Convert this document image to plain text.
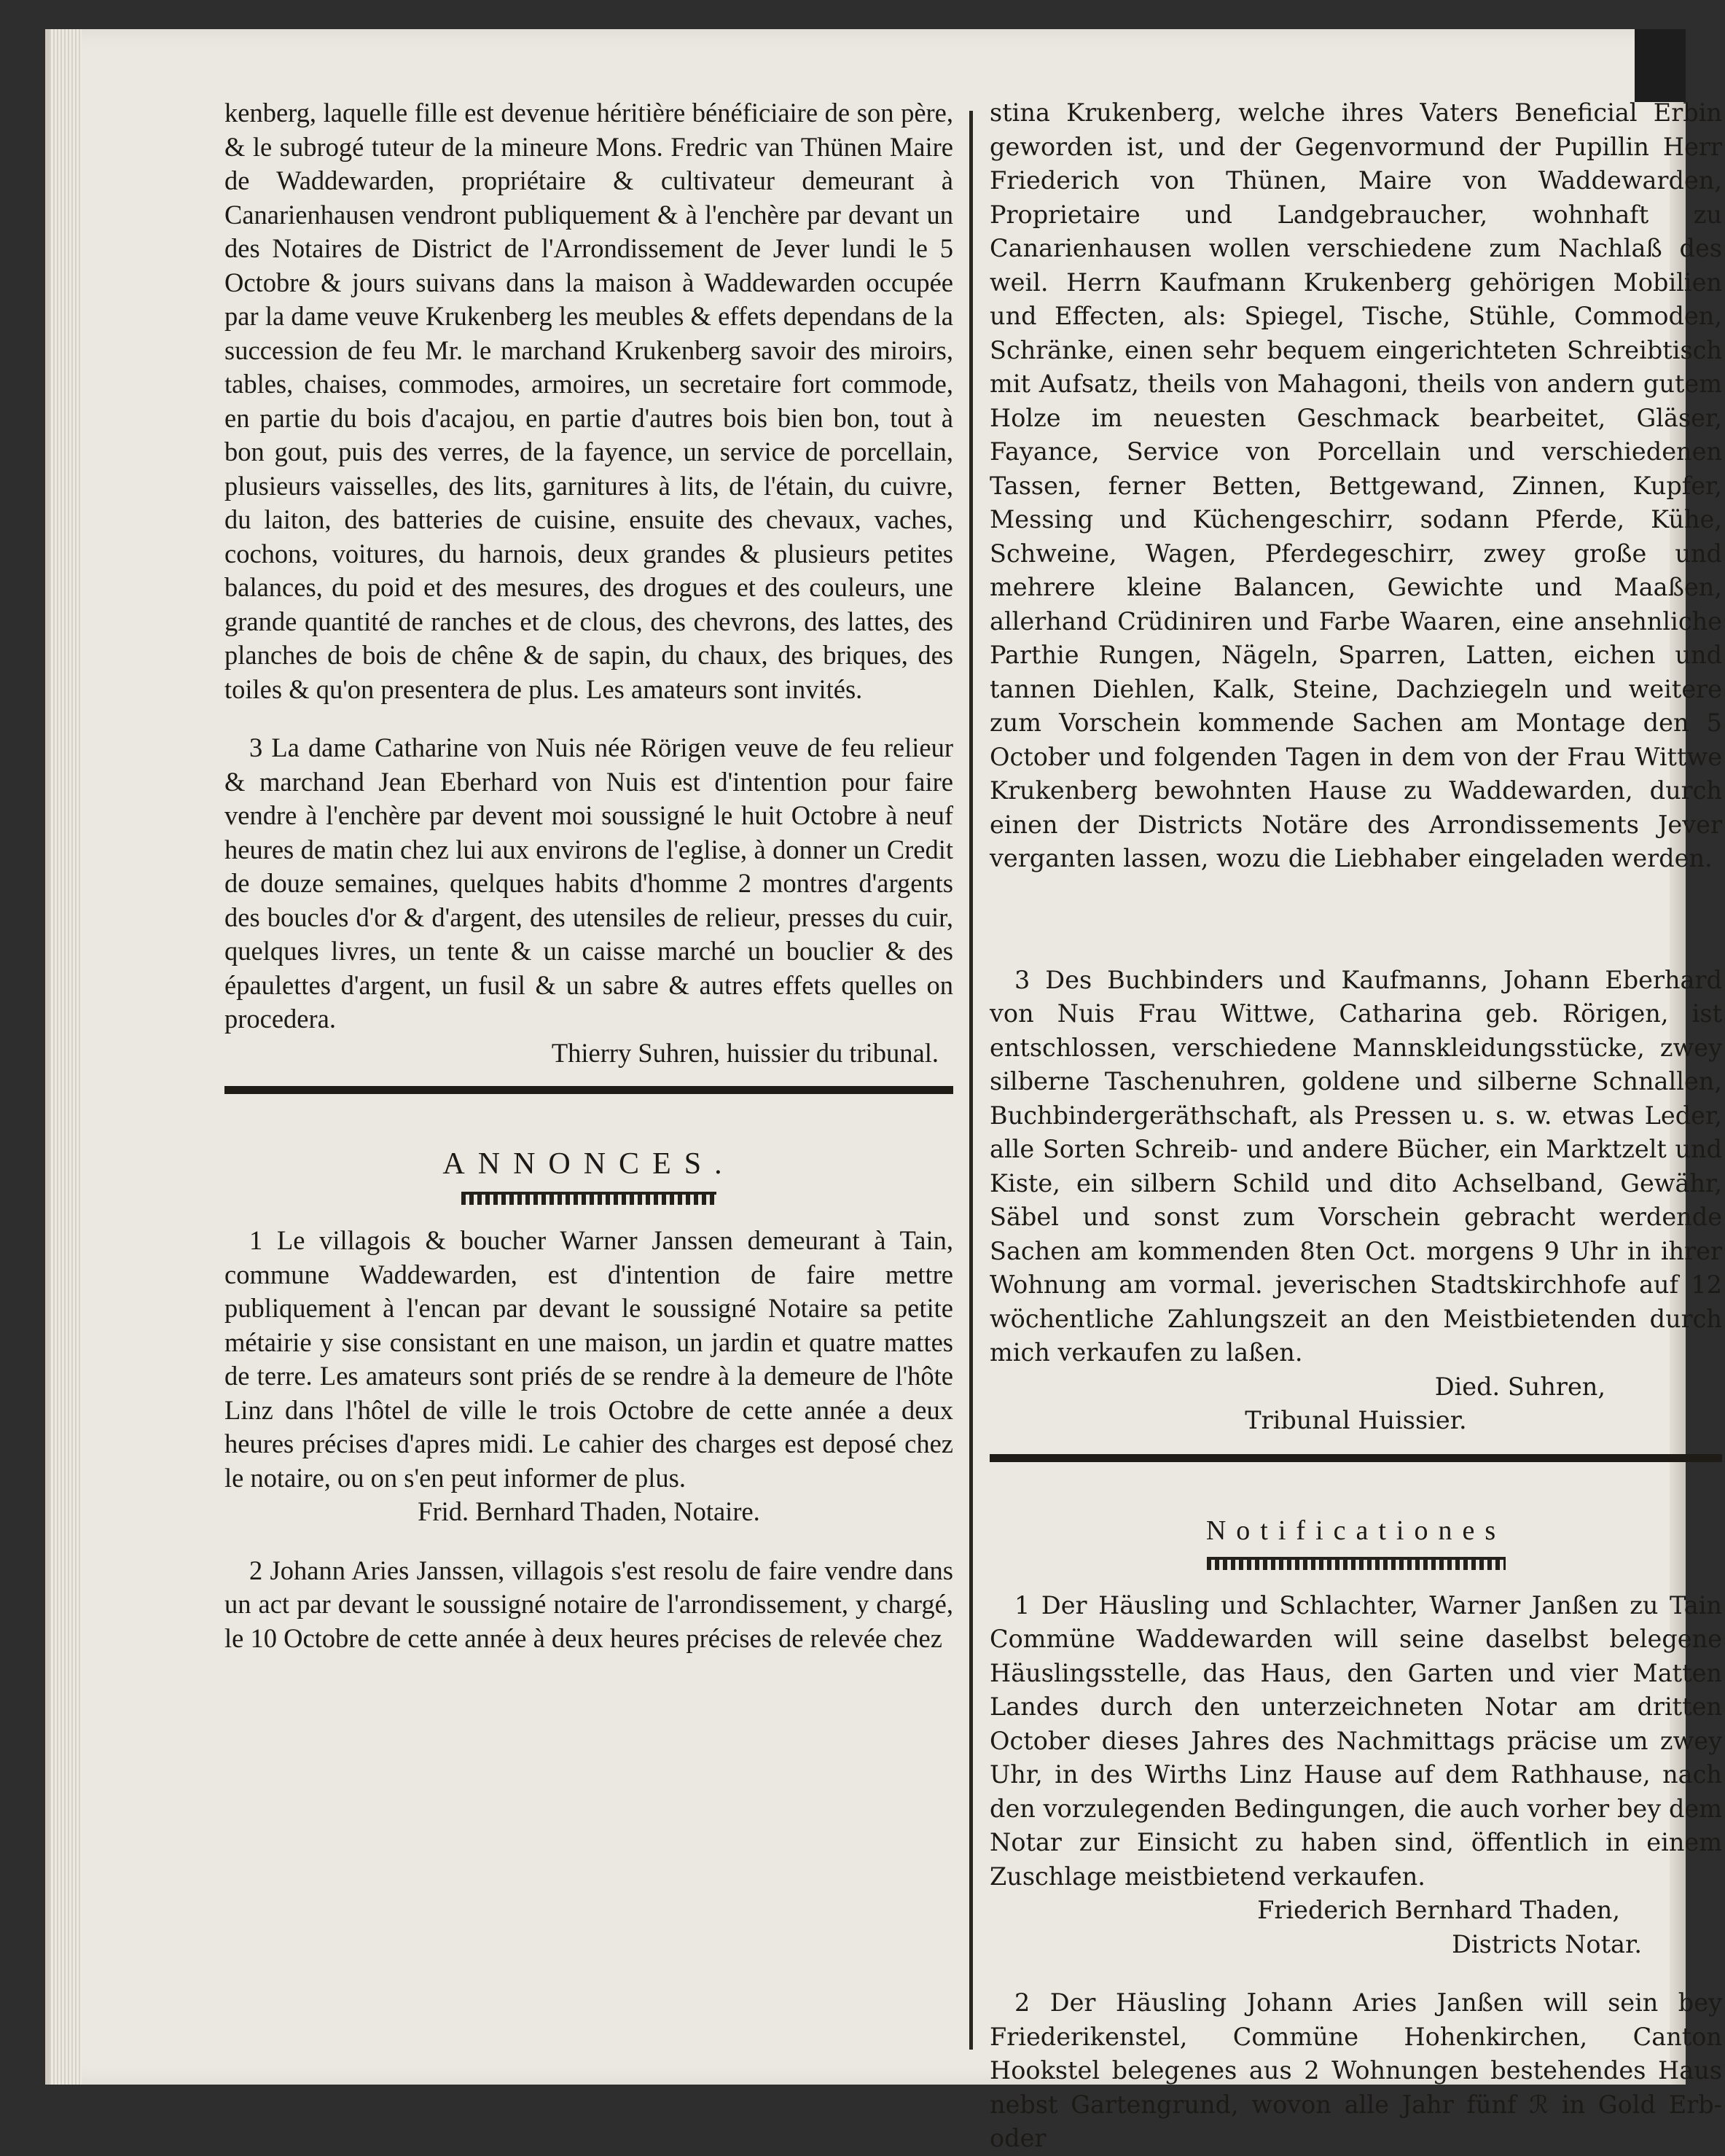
kenberg, laquelle fille est devenue héritière bénéficiaire de son père, & le subrogé tuteur de la mineure Mons. Fredric van Thünen Maire de Waddewarden, propriétaire & cultivateur demeurant à Canarienhausen vendront publiquement & à l'enchère par devant un des Notaires de District de l'Arrondissement de Jever lundi le 5 Octobre & jours suivans dans la maison à Waddewarden occupée par la dame veuve Krukenberg les meubles & effets dependans de la succession de feu Mr. le marchand Krukenberg savoir des miroirs, tables, chaises, commodes, armoires, un secretaire fort commode, en partie du bois d'acajou, en partie d'autres bois bien bon, tout à bon gout, puis des verres, de la fayence, un service de porcellain, plusieurs vaisselles, des lits, garnitures à lits, de l'étain, du cuivre, du laiton, des batteries de cuisine, ensuite des chevaux, vaches, cochons, voitures, du harnois, deux grandes & plusieurs petites balances, du poid et des mesures, des drogues et des couleurs, une grande quantité de ranches et de clous, des chevrons, des lattes, des planches de bois de chêne & de sapin, du chaux, des briques, des toiles & qu'on presentera de plus. Les amateurs sont invités.

3 La dame Catharine von Nuis née Rörigen veuve de feu relieur & marchand Jean Eberhard von Nuis est d'intention pour faire vendre à l'enchère par devent moi soussigné le huit Octobre à neuf heures de matin chez lui aux environs de l'eglise, à donner un Credit de douze semaines, quelques habits d'homme 2 montres d'argents des boucles d'or & d'argent, des utensiles de relieur, presses du cuir, quelques livres, un tente & un caisse marché un bouclier & des épaulettes d'argent, un fusil & un sabre & autres effets quelles on procedera.

Thierry Suhren, huissier du tribunal.

ANNONCES.

1 Le villagois & boucher Warner Janssen demeurant à Tain, commune Waddewarden, est d'intention de faire mettre publiquement à l'encan par devant le soussigné Notaire sa petite métairie y sise consistant en une maison, un jardin et quatre mattes de terre. Les amateurs sont priés de se rendre à la demeure de l'hôte Linz dans l'hôtel de ville le trois Octobre de cette année a deux heures précises d'apres midi. Le cahier des charges est deposé chez le notaire, ou on s'en peut informer de plus.

Frid. Bernhard Thaden, Notaire.

2 Johann Aries Janssen, villagois s'est resolu de faire vendre dans un act par devant le soussigné notaire de l'arrondissement, y chargé, le 10 Octobre de cette année à deux heures précises de relevée chez

stina Krukenberg, welche ihres Vaters Beneficial Erbin geworden ist, und der Gegenvormund der Pupillin Herr Friederich von Thünen, Maire von Waddewarden, Proprietaire und Landgebraucher, wohnhaft zu Canarienhausen wollen verschiedene zum Nachlaß des weil. Herrn Kaufmann Krukenberg gehörigen Mobilien und Effecten, als: Spiegel, Tische, Stühle, Commoden, Schränke, einen sehr bequem eingerichteten Schreibtisch mit Aufsatz, theils von Mahagoni, theils von andern gutem Holze im neuesten Geschmack bearbeitet, Gläser, Fayance, Service von Porcellain und verschiedenen Tassen, ferner Betten, Bettgewand, Zinnen, Kupfer, Messing und Küchengeschirr, sodann Pferde, Kühe, Schweine, Wagen, Pferdegeschirr, zwey große und mehrere kleine Balancen, Gewichte und Maaßen, allerhand Crüdiniren und Farbe Waaren, eine ansehnliche Parthie Rungen, Nägeln, Sparren, Latten, eichen und tannen Diehlen, Kalk, Steine, Dachziegeln und weitere zum Vorschein kommende Sachen am Montage den 5 October und folgenden Tagen in dem von der Frau Wittwe Krukenberg bewohnten Hause zu Waddewarden, durch einen der Districts Notäre des Arrondissements Jever verganten lassen, wozu die Liebhaber eingeladen werden.

3 Des Buchbinders und Kaufmanns, Johann Eberhard von Nuis Frau Wittwe, Catharina geb. Rörigen, ist entschlossen, verschiedene Mannskleidungsstücke, zwey silberne Taschenuhren, goldene und silberne Schnallen, Buchbindergeräthschaft, als Pressen u. s. w. etwas Leder, alle Sorten Schreib- und andere Bücher, ein Marktzelt und Kiste, ein silbern Schild und dito Achselband, Gewähr, Säbel und sonst zum Vorschein gebracht werdende Sachen am kommenden 8ten Oct. morgens 9 Uhr in ihrer Wohnung am vormal. jeverischen Stadtskirchhofe auf 12 wöchentliche Zahlungszeit an den Meistbietenden durch mich verkaufen zu laßen.

Died. Suhren,

Tribunal Huissier.

Notificationes

1 Der Häusling und Schlachter, Warner Janßen zu Tain Commüne Waddewarden will seine daselbst belegene Häuslingsstelle, das Haus, den Garten und vier Matten Landes durch den unterzeichneten Notar am dritten October dieses Jahres des Nachmittags präcise um zwey Uhr, in des Wirths Linz Hause auf dem Rathhause, nach den vorzulegenden Bedingungen, die auch vorher bey dem Notar zur Einsicht zu haben sind, öffentlich in einem Zuschlage meistbietend verkaufen.

Friederich Bernhard Thaden,

Districts Notar.

2 Der Häusling Johann Aries Janßen will sein bey Friederikenstel, Commüne Hohenkirchen, Canton Hookstel belegenes aus 2 Wohnungen bestehendes Haus nebst Gartengrund, wovon alle Jahr fünf ℛ in Gold Erb- oder
